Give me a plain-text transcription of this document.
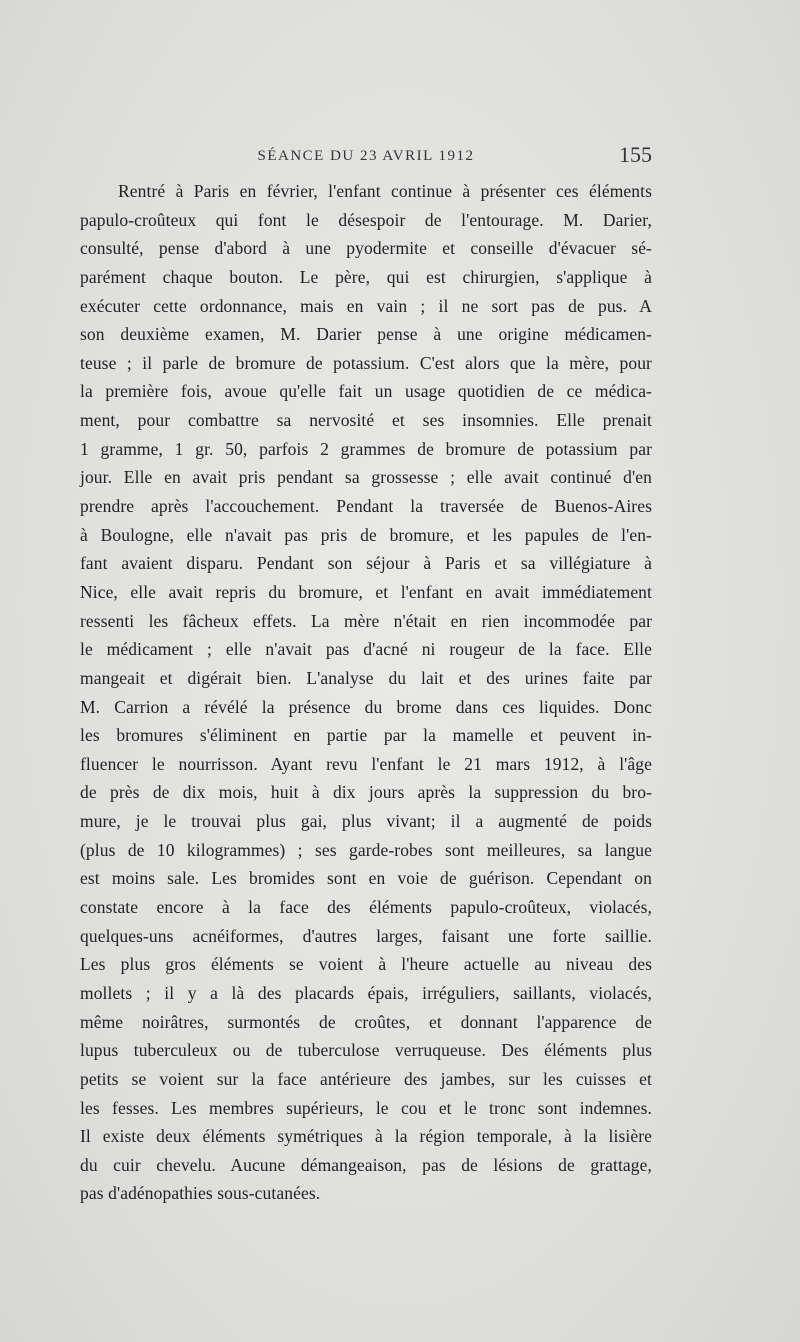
SÉANCE DU 23 AVRIL 1912	155
Rentré à Paris en février, l'enfant continue à présenter ces éléments
papulo-croûteux qui font le désespoir de l'entourage. M. Darier,
consulté, pense d'abord à une pyodermite et conseille d'évacuer sé-
parément chaque bouton. Le père, qui est chirurgien, s'applique à
exécuter cette ordonnance, mais en vain ; il ne sort pas de pus. A
son deuxième examen, M. Darier pense à une origine médicamen-
teuse ; il parle de bromure de potassium. C'est alors que la mère, pour
la première fois, avoue qu'elle fait un usage quotidien de ce médica-
ment, pour combattre sa nervosité et ses insomnies. Elle prenait
1 gramme, 1 gr. 50, parfois 2 grammes de bromure de potassium par
jour. Elle en avait pris pendant sa grossesse ; elle avait continué d'en
prendre après l'accouchement. Pendant la traversée de Buenos-Aires
à Boulogne, elle n'avait pas pris de bromure, et les papules de l'en-
fant avaient disparu. Pendant son séjour à Paris et sa villégiature à
Nice, elle avait repris du bromure, et l'enfant en avait immédiatement
ressenti les fâcheux effets. La mère n'était en rien incommodée par
le médicament ; elle n'avait pas d'acné ni rougeur de la face. Elle
mangeait et digérait bien. L'analyse du lait et des urines faite par
M. Carrion a révélé la présence du brome dans ces liquides. Donc
les bromures s'éliminent en partie par la mamelle et peuvent in-
fluencer le nourrisson. Ayant revu l'enfant le 21 mars 1912, à l'âge
de près de dix mois, huit à dix jours après la suppression du bro-
mure, je le trouvai plus gai, plus vivant; il a augmenté de poids
(plus de 10 kilogrammes) ; ses garde-robes sont meilleures, sa langue
est moins sale. Les bromides sont en voie de guérison. Cependant on
constate encore à la face des éléments papulo-croûteux, violacés,
quelques-uns acnéiformes, d'autres larges, faisant une forte saillie.
Les plus gros éléments se voient à l'heure actuelle au niveau des
mollets ; il y a là des placards épais, irréguliers, saillants, violacés,
même noirâtres, surmontés de croûtes, et donnant l'apparence de
lupus tuberculeux ou de tuberculose verruqueuse. Des éléments plus
petits se voient sur la face antérieure des jambes, sur les cuisses et
les fesses. Les membres supérieurs, le cou et le tronc sont indemnes.
Il existe deux éléments symétriques à la région temporale, à la lisière
du cuir chevelu. Aucune démangeaison, pas de lésions de grattage,
pas d'adénopathies sous-cutanées.
